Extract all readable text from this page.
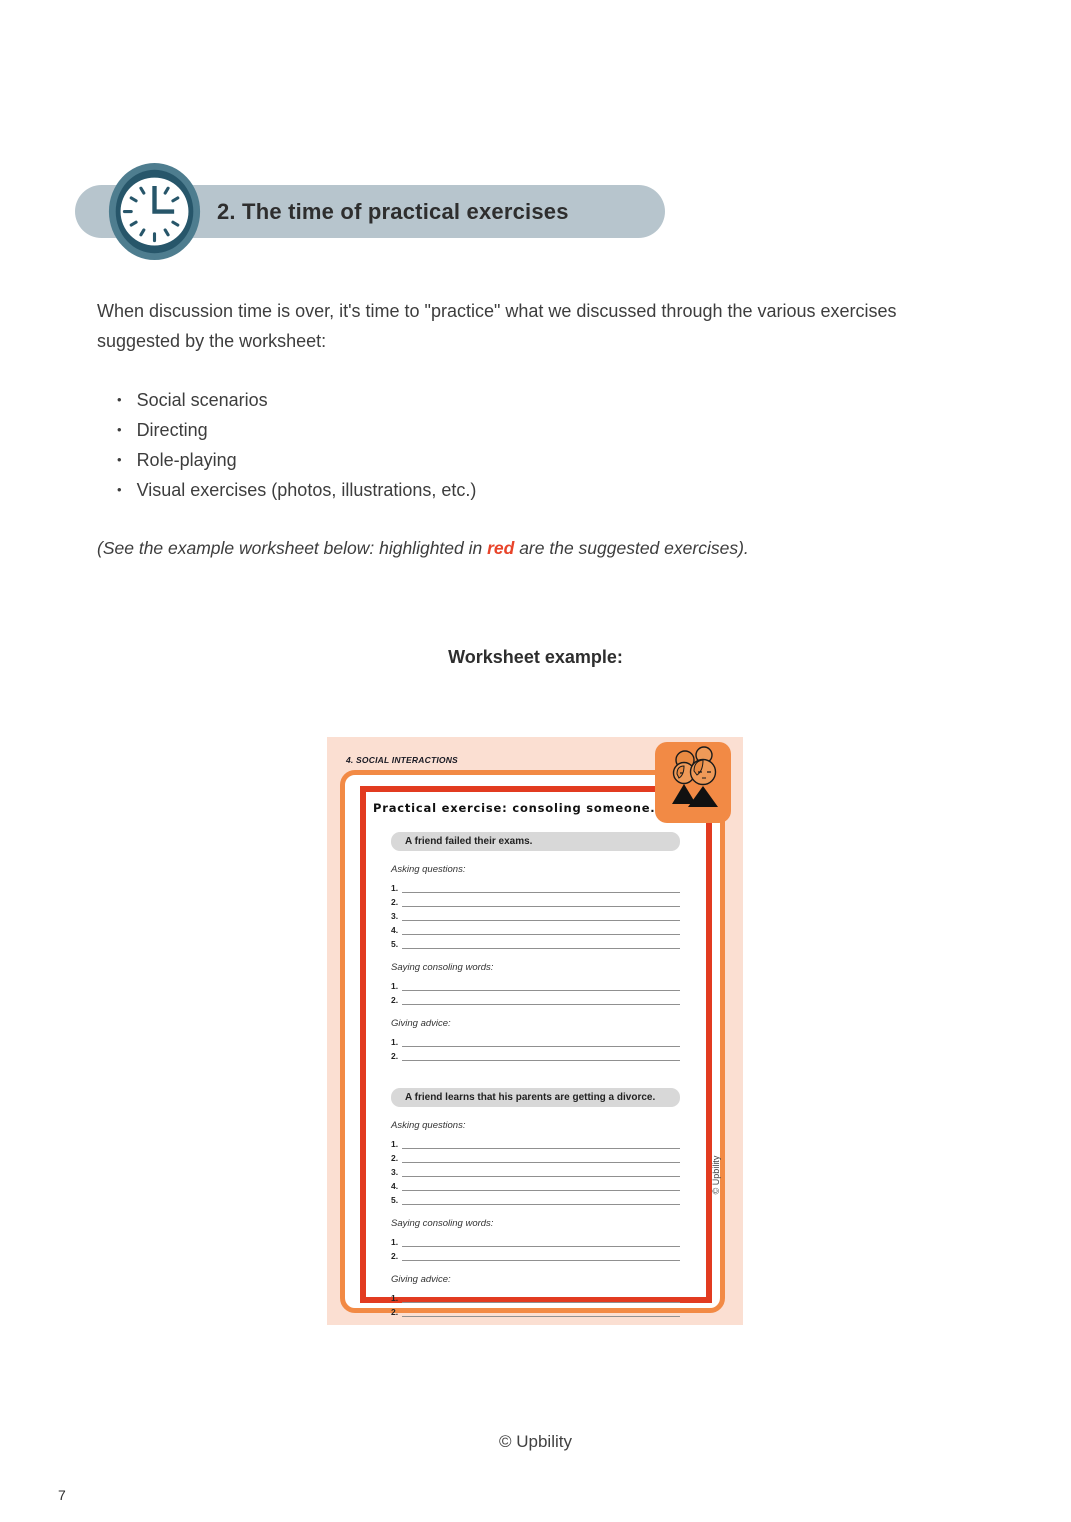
2. The time of practical exercises

When discussion time is over, it's time to "practice" what we discussed through the various exercises suggested by the worksheet:

• Social scenarios
• Directing
• Role-playing
• Visual exercises (photos, illustrations, etc.)

(See the example worksheet below: highlighted in red are the suggested exercises).

Worksheet example:
4. SOCIAL INTERACTIONS
Practical exercise: consoling someone.
A friend failed their exams.
Asking questions:
1.
2.
3.
4.
5.
Saying consoling words:
1.
2.
Giving advice:
1.
2.
A friend learns that his parents are getting a divorce.
Asking questions:
1.
2.
3.
4.
5.
Saying consoling words:
1.
2.
Giving advice:
1.
2.
© Upbility
© Upbility
7
